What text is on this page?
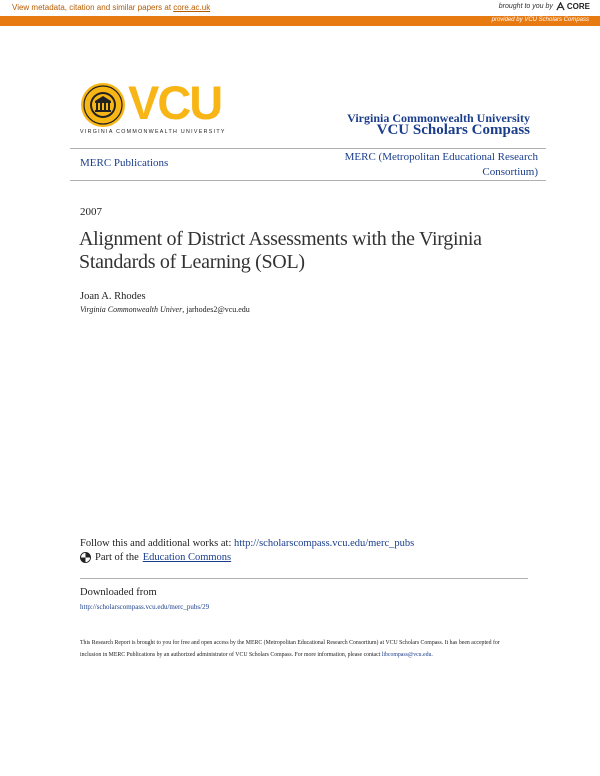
View metadata, citation and similar papers at core.ac.uk	brought to you by CORE
provided by VCU Scholars Compass
VCU
VIRGINIA COMMONWEALTH UNIVERSITY
Virginia Commonwealth University
VCU Scholars Compass
MERC Publications	MERC (Metropolitan Educational Research Consortium)
2007
Alignment of District Assessments with the Virginia Standards of Learning (SOL)
Joan A. Rhodes
Virginia Commonwealth Univer, jarhodes2@vcu.edu
Follow this and additional works at: http://scholarscompass.vcu.edu/merc_pubs
Part of the Education Commons
Downloaded from
http://scholarscompass.vcu.edu/merc_pubs/29
This Research Report is brought to you for free and open access by the MERC (Metropolitan Educational Research Consortium) at VCU Scholars Compass. It has been accepted for inclusion in MERC Publications by an authorized administrator of VCU Scholars Compass. For more information, please contact libcompass@vcu.edu.
